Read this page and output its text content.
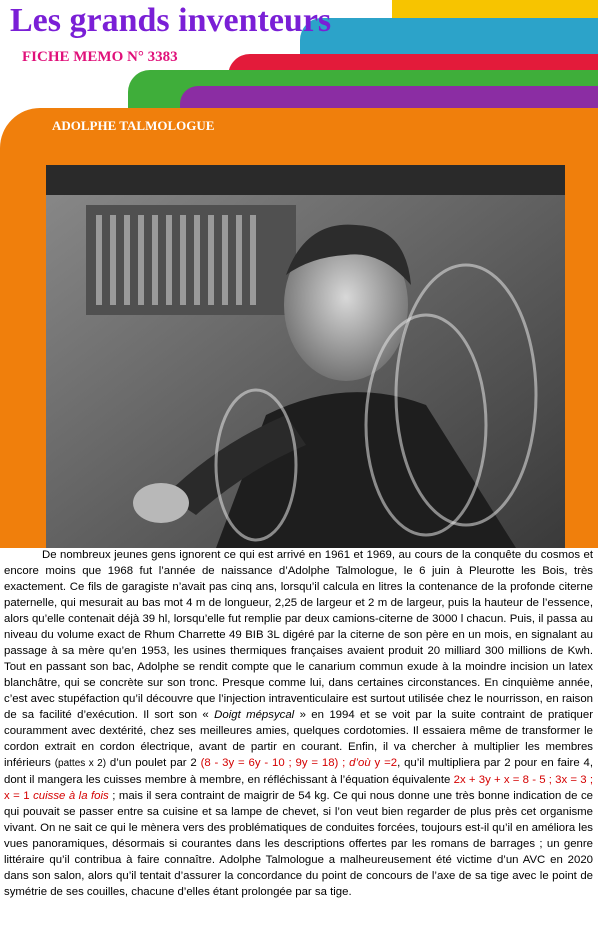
Les grands inventeurs
FICHE MEMO N° 3383
ADOLPHE TALMOLOGUE

De nombreux jeunes gens ignorent ce qui est arrivé en 1961 et 1969, au cours de la conquête du cosmos et encore moins que 1968 fut l’année de naissance d’Adolphe Talmologue, le 6 juin à Pleurotte les Bois, très exactement. Ce fils de garagiste n’avait pas cinq ans, lorsqu’il calcula en litres la contenance de la profonde citerne paternelle, qui mesurait au bas mot 4 m de longueur, 2,25 de largeur et 2 m de largeur, puis la hauteur de l’essence, alors qu’elle contenait déjà 39 hl, lorsqu’elle fut remplie par deux camions-citerne de 3000 l chacun. Puis, il passa au niveau du volume exact de Rhum Charrette 49 BIB 3L digéré par la citerne de son père en un mois, en signalant au passage à sa mère qu’en 1953, les usines thermiques françaises avaient produit 20 milliard 300 millions de Kwh. Tout en passant son bac, Adolphe se rendit compte que le canarium commun exude à la moindre incision un latex blanchâtre, qui se concrète sur son tronc. Presque comme lui, dans certaines circonstances. En cinquième année, c’est avec stupéfaction qu’il découvre que l’injection intraventiculaire est surtout utilisée chez le nourrisson, en raison de sa facilité d’exécution. Il sort son « Doigt mépsycal » en 1994 et se voit par la suite contraint de pratiquer couramment avec dextérité, chez ses meilleures amies, quelques cordotomies. Il essaiera même de transformer le cordon extrait en cordon électrique, avant de partir en courant. Enfin, il va chercher à multiplier les membres inférieurs (pattes x 2) d’un poulet par 2 (8 - 3y = 6y - 10 ; 9y = 18) ; d’où y =2, qu’il multipliera par 2 pour en faire 4, dont il mangera les cuisses membre à membre, en réfléchissant à l’équation équivalente 2x + 3y + x = 8 - 5 ; 3x = 3 ; x = 1 cuisse à la fois ; mais il sera contraint de maigrir de 54 kg. Ce qui nous donne une très bonne indication de ce qui pouvait se passer entre sa cuisine et sa lampe de chevet, si l’on veut bien regarder de plus près cet organisme vivant. On ne sait ce qui le mènera vers des problématiques de conduites forcées, toujours est-il qu’il en améliora les vues panoramiques, désormais si courantes dans les descriptions offertes par les romans de barrages ; un genre littéraire qu’il contribua à faire connaître. Adolphe Talmologue a malheureusement été victime d’un AVC en 2020 dans son salon, alors qu’il tentait d’assurer la concordance du point de concours de l’axe de sa tige avec le point de symétrie de ses couilles, chacune d’elles étant prolongée par sa tige.
